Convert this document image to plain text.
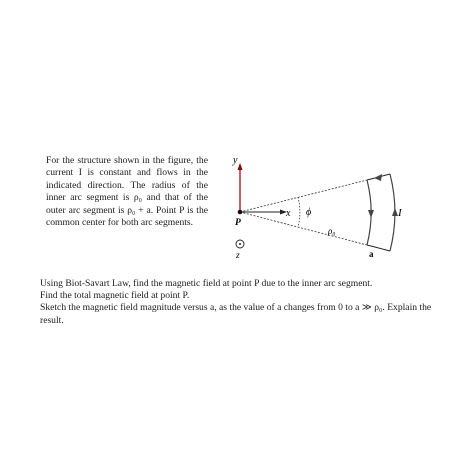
For the structure shown in the figure, the current I is constant and flows in the indicated direction. The radius of the inner arc segment is ρ₀ and that of the outer arc segment is ρ₀ + a. Point P is the common center for both arc segments.
y
x ϕ
ρ₀
I
a
P
z
Using Biot-Savart Law, find the magnetic field at point P due to the inner arc segment.
Find the total magnetic field at point P.
Sketch the magnetic field magnitude versus a, as the value of a changes from 0 to a ≫ ρ₀. Explain the result.
